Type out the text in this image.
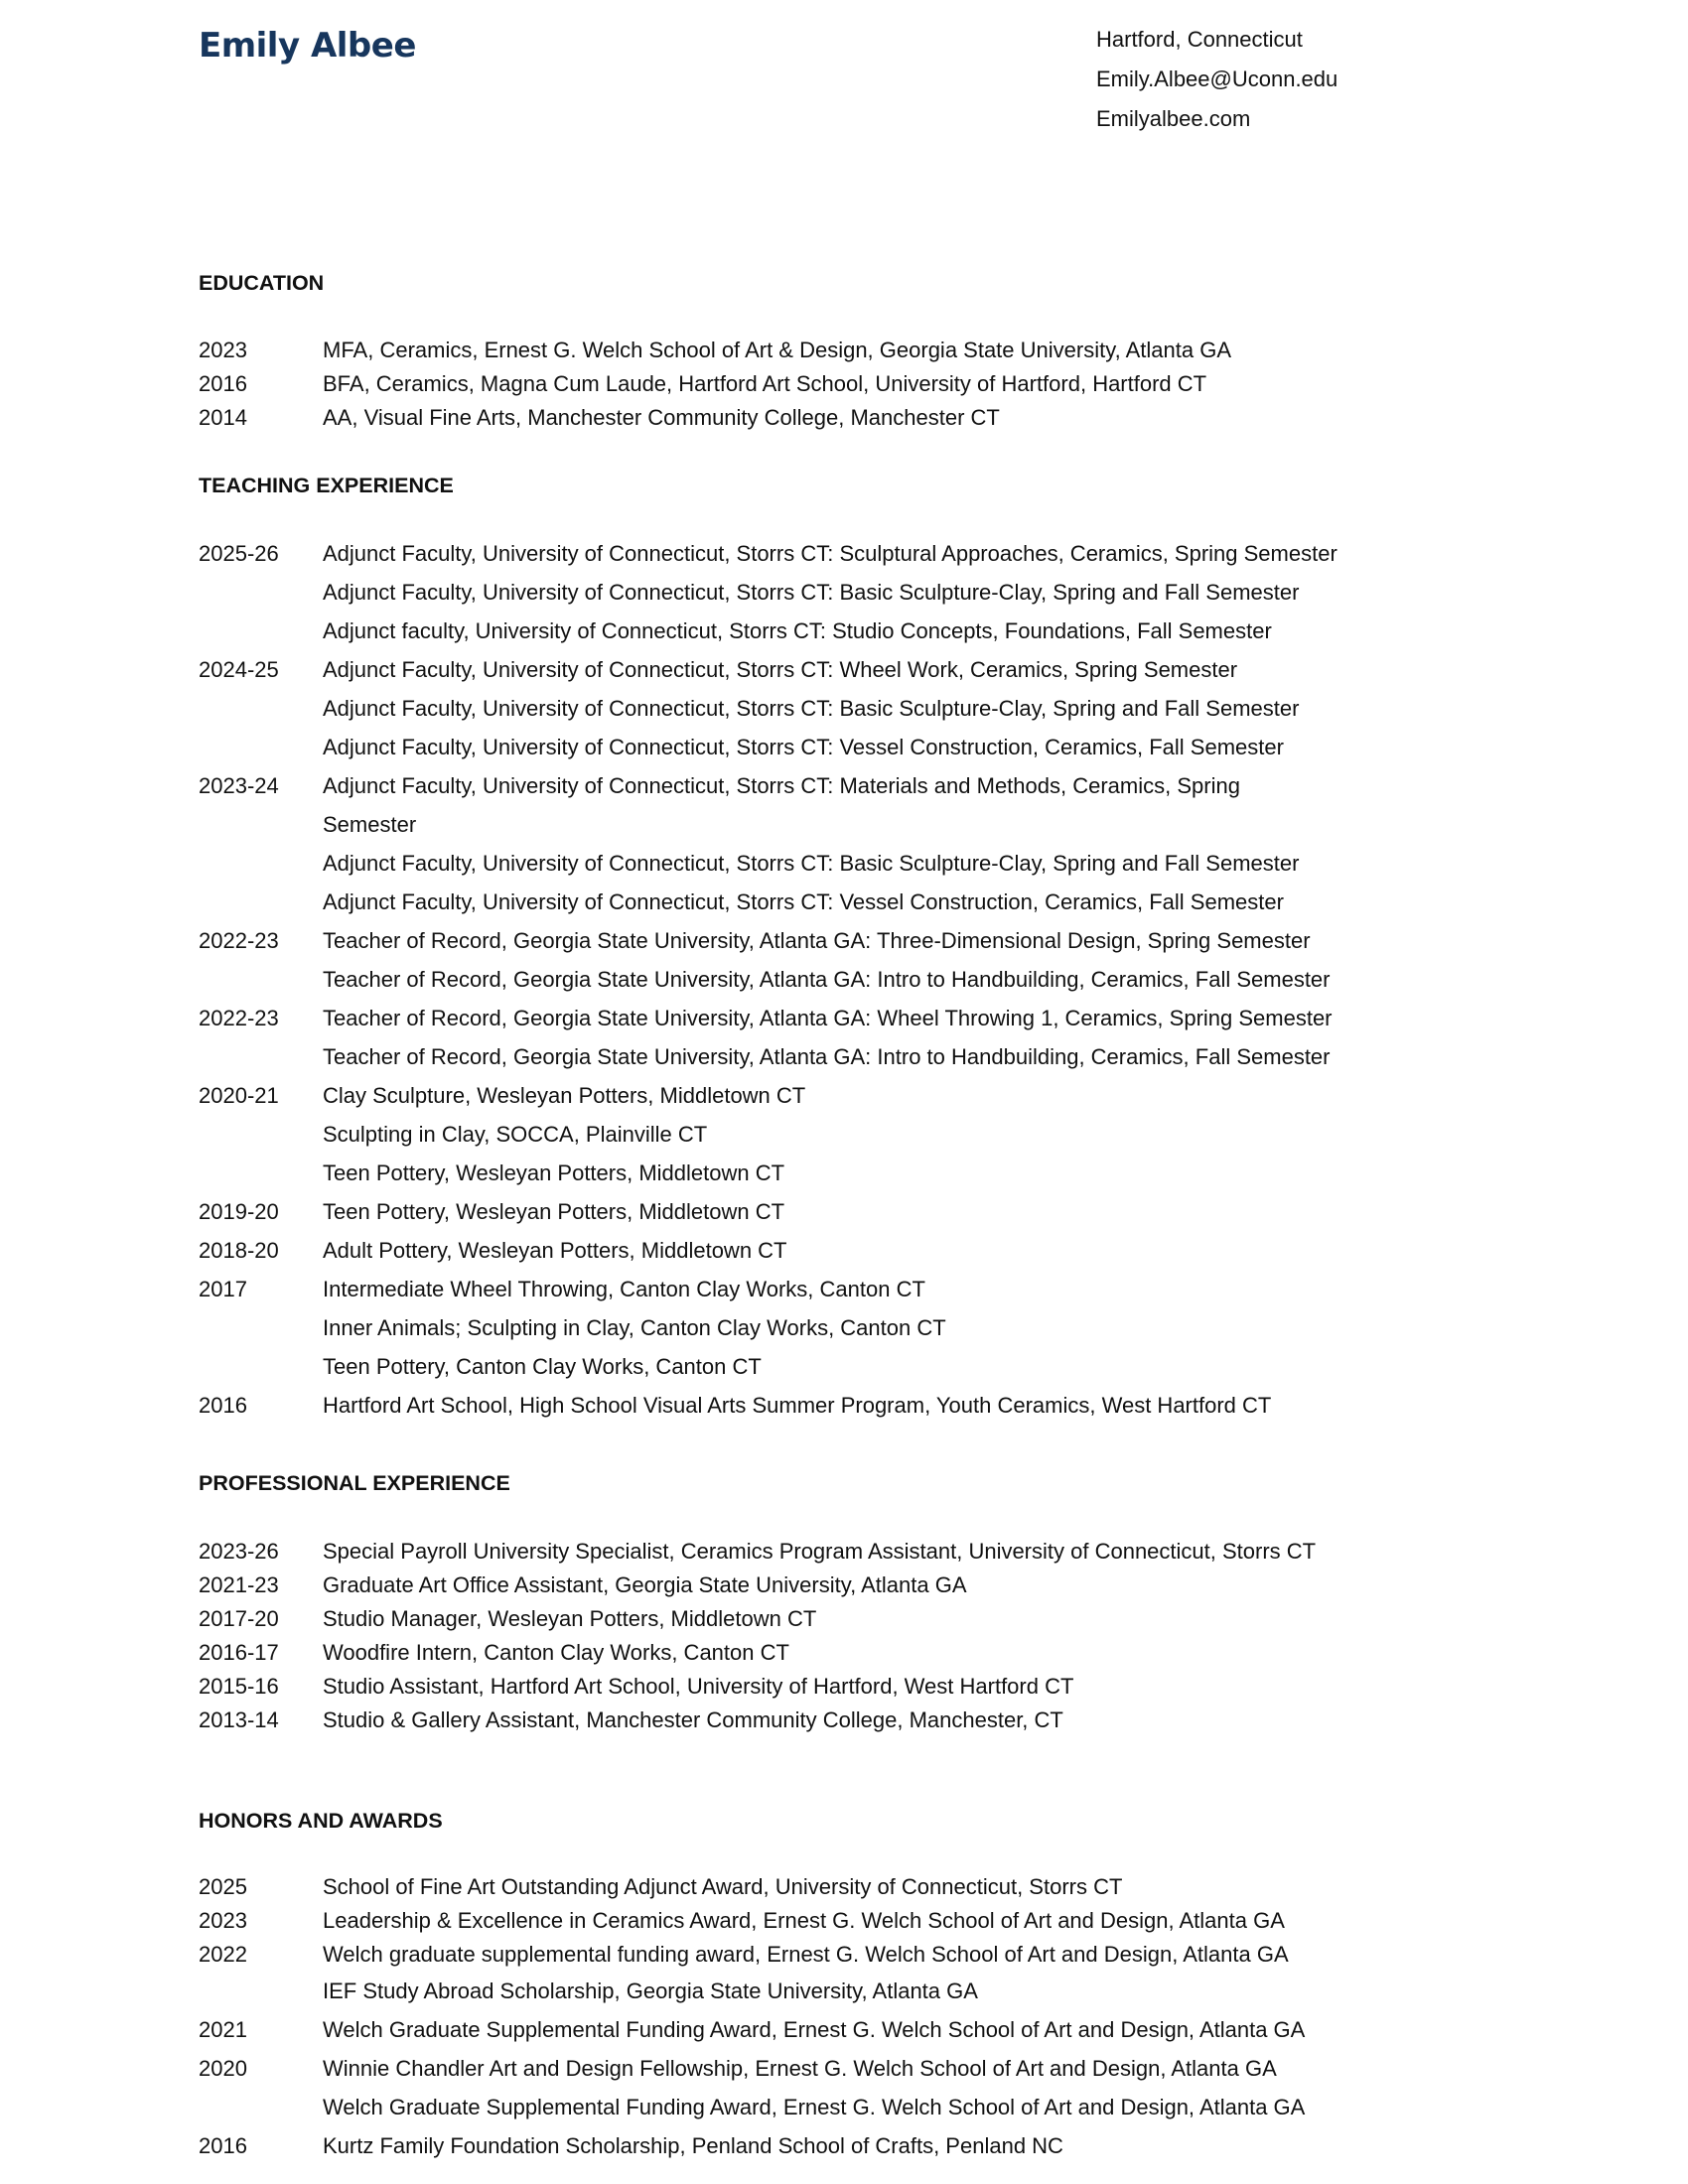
Emily Albee	Hartford, Connecticut
Emily.Albee@Uconn.edu
Emilyalbee.com
EDUCATION
2023	MFA, Ceramics, Ernest G. Welch School of Art & Design, Georgia State University, Atlanta GA
2016	BFA, Ceramics, Magna Cum Laude, Hartford Art School, University of Hartford, Hartford CT
2014	AA, Visual Fine Arts, Manchester Community College, Manchester CT
TEACHING EXPERIENCE
2025-26	Adjunct Faculty, University of Connecticut, Storrs CT: Sculptural Approaches, Ceramics, Spring Semester
Adjunct Faculty, University of Connecticut, Storrs CT: Basic Sculpture-Clay, Spring and Fall Semester
Adjunct faculty, University of Connecticut, Storrs CT: Studio Concepts, Foundations, Fall Semester
2024-25	Adjunct Faculty, University of Connecticut, Storrs CT: Wheel Work, Ceramics, Spring Semester
Adjunct Faculty, University of Connecticut, Storrs CT: Basic Sculpture-Clay, Spring and Fall Semester
Adjunct Faculty, University of Connecticut, Storrs CT: Vessel Construction, Ceramics, Fall Semester
2023-24	Adjunct Faculty, University of Connecticut, Storrs CT: Materials and Methods, Ceramics, Spring
Semester
Adjunct Faculty, University of Connecticut, Storrs CT: Basic Sculpture-Clay, Spring and Fall Semester
Adjunct Faculty, University of Connecticut, Storrs CT: Vessel Construction, Ceramics, Fall Semester
2022-23	Teacher of Record, Georgia State University, Atlanta GA: Three-Dimensional Design, Spring Semester
Teacher of Record, Georgia State University, Atlanta GA: Intro to Handbuilding, Ceramics, Fall Semester
2022-23	Teacher of Record, Georgia State University, Atlanta GA: Wheel Throwing 1, Ceramics, Spring Semester
Teacher of Record, Georgia State University, Atlanta GA: Intro to Handbuilding, Ceramics, Fall Semester
2020-21	Clay Sculpture, Wesleyan Potters, Middletown CT
Sculpting in Clay, SOCCA, Plainville CT
Teen Pottery, Wesleyan Potters, Middletown CT
2019-20	Teen Pottery, Wesleyan Potters, Middletown CT
2018-20	Adult Pottery, Wesleyan Potters, Middletown CT
2017	Intermediate Wheel Throwing, Canton Clay Works, Canton CT
Inner Animals; Sculpting in Clay, Canton Clay Works, Canton CT
Teen Pottery, Canton Clay Works, Canton CT
2016	Hartford Art School, High School Visual Arts Summer Program, Youth Ceramics, West Hartford CT
PROFESSIONAL EXPERIENCE
2023-26	Special Payroll University Specialist, Ceramics Program Assistant, University of Connecticut, Storrs CT
2021-23	Graduate Art Office Assistant, Georgia State University, Atlanta GA
2017-20	Studio Manager, Wesleyan Potters, Middletown CT
2016-17	Woodfire Intern, Canton Clay Works, Canton CT
2015-16	Studio Assistant, Hartford Art School, University of Hartford, West Hartford CT
2013-14	Studio & Gallery Assistant, Manchester Community College, Manchester, CT
HONORS AND AWARDS
2025	School of Fine Art Outstanding Adjunct Award, University of Connecticut, Storrs CT
2023	Leadership & Excellence in Ceramics Award, Ernest G. Welch School of Art and Design, Atlanta GA
2022	Welch graduate supplemental funding award, Ernest G. Welch School of Art and Design, Atlanta GA
IEF Study Abroad Scholarship, Georgia State University, Atlanta GA
2021	Welch Graduate Supplemental Funding Award, Ernest G. Welch School of Art and Design, Atlanta GA
2020	Winnie Chandler Art and Design Fellowship, Ernest G. Welch School of Art and Design, Atlanta GA
Welch Graduate Supplemental Funding Award, Ernest G. Welch School of Art and Design, Atlanta GA
2016	Kurtz Family Foundation Scholarship, Penland School of Crafts, Penland NC
